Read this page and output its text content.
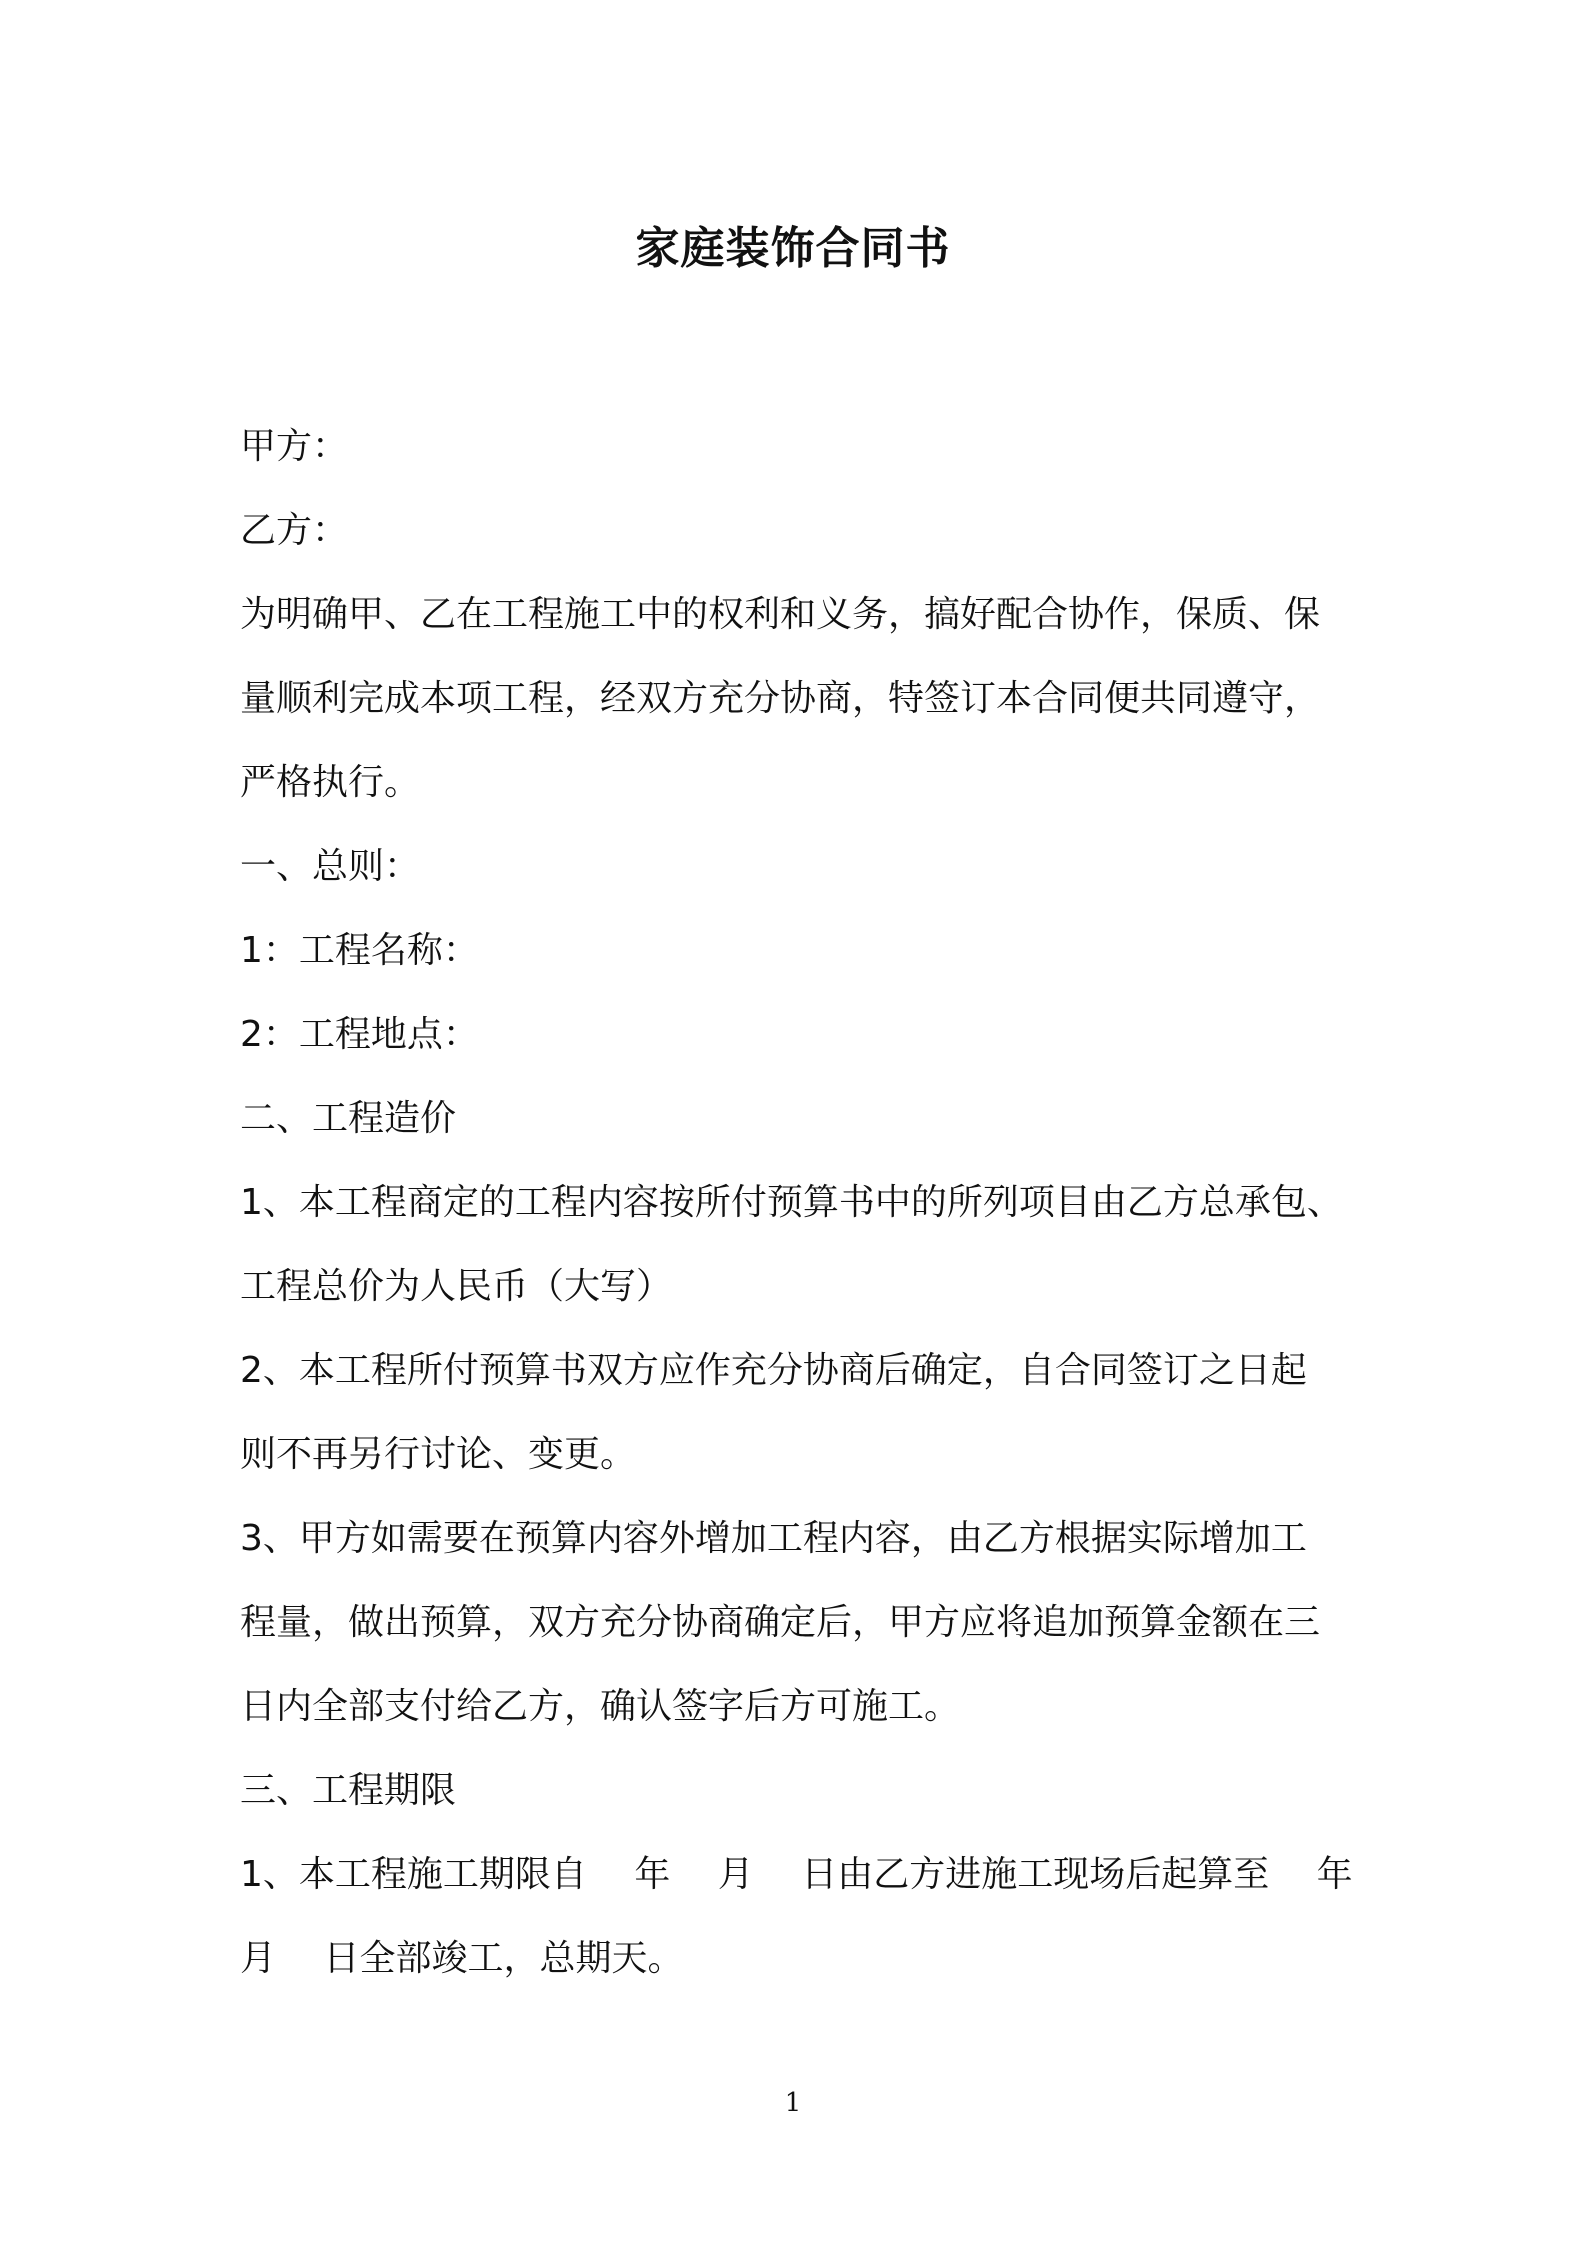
家庭装饰合同书
甲方：
乙方：
为明确甲、乙在工程施工中的权利和义务，搞好配合协作，保质、保
量顺利完成本项工程，经双方充分协商，特签订本合同便共同遵守，
严格执行。
一、总则：
1：工程名称：
2：工程地点：
二、工程造价
1、本工程商定的工程内容按所付预算书中的所列项目由乙方总承包、
工程总价为人民币（大写）
2、本工程所付预算书双方应作充分协商后确定，自合同签订之日起
则不再另行讨论、变更。
3、甲方如需要在预算内容外增加工程内容，由乙方根据实际增加工
程量，做出预算，双方充分协商确定后，甲方应将追加预算金额在三
日内全部支付给乙方，确认签字后方可施工。
三、工程期限
1、本工程施工期限自　 年　 月　 日由乙方进施工现场后起算至　 年
月　 日全部竣工，总期天。
1
